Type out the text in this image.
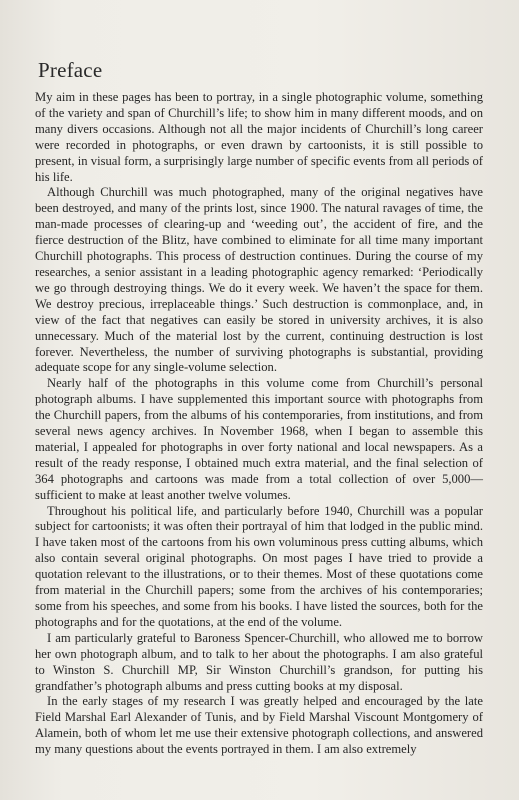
Preface

My aim in these pages has been to portray, in a single photographic volume, something of the variety and span of Churchill’s life; to show him in many different moods, and on many divers occasions. Although not all the major incidents of Churchill’s long career were recorded in photographs, or even drawn by cartoonists, it is still possible to present, in visual form, a surprisingly large number of specific events from all periods of his life.

Although Churchill was much photographed, many of the original negatives have been destroyed, and many of the prints lost, since 1900. The natural ravages of time, the man-made processes of clearing-up and ‘weeding out’, the accident of fire, and the fierce destruction of the Blitz, have combined to eliminate for all time many important Churchill photographs. This process of destruction continues. During the course of my researches, a senior assistant in a leading photographic agency remarked: ‘Periodically we go through destroying things. We do it every week. We haven’t the space for them. We destroy precious, irreplaceable things.’ Such destruction is commonplace, and, in view of the fact that negatives can easily be stored in university archives, it is also unnecessary. Much of the material lost by the current, continuing destruction is lost forever. Nevertheless, the number of surviving photographs is substantial, providing adequate scope for any single-volume selection.

Nearly half of the photographs in this volume come from Churchill’s personal photograph albums. I have supplemented this important source with photographs from the Churchill papers, from the albums of his contemporaries, from institutions, and from several news agency archives. In November 1968, when I began to assemble this material, I appealed for photographs in over forty national and local newspapers. As a result of the ready response, I obtained much extra material, and the final selection of 364 photographs and cartoons was made from a total collection of over 5,000—sufficient to make at least another twelve volumes.

Throughout his political life, and particularly before 1940, Churchill was a popular subject for cartoonists; it was often their portrayal of him that lodged in the public mind. I have taken most of the cartoons from his own voluminous press cutting albums, which also contain several original photographs. On most pages I have tried to provide a quotation relevant to the illustrations, or to their themes. Most of these quotations come from material in the Churchill papers; some from the archives of his contemporaries; some from his speeches, and some from his books. I have listed the sources, both for the photographs and for the quotations, at the end of the volume.

I am particularly grateful to Baroness Spencer-Churchill, who allowed me to borrow her own photograph album, and to talk to her about the photographs. I am also grateful to Winston S. Churchill MP, Sir Winston Churchill’s grandson, for putting his grandfather’s photograph albums and press cutting books at my disposal.

In the early stages of my research I was greatly helped and encouraged by the late Field Marshal Earl Alexander of Tunis, and by Field Marshal Viscount Montgomery of Alamein, both of whom let me use their extensive photograph collections, and answered my many questions about the events portrayed in them. I am also extremely
